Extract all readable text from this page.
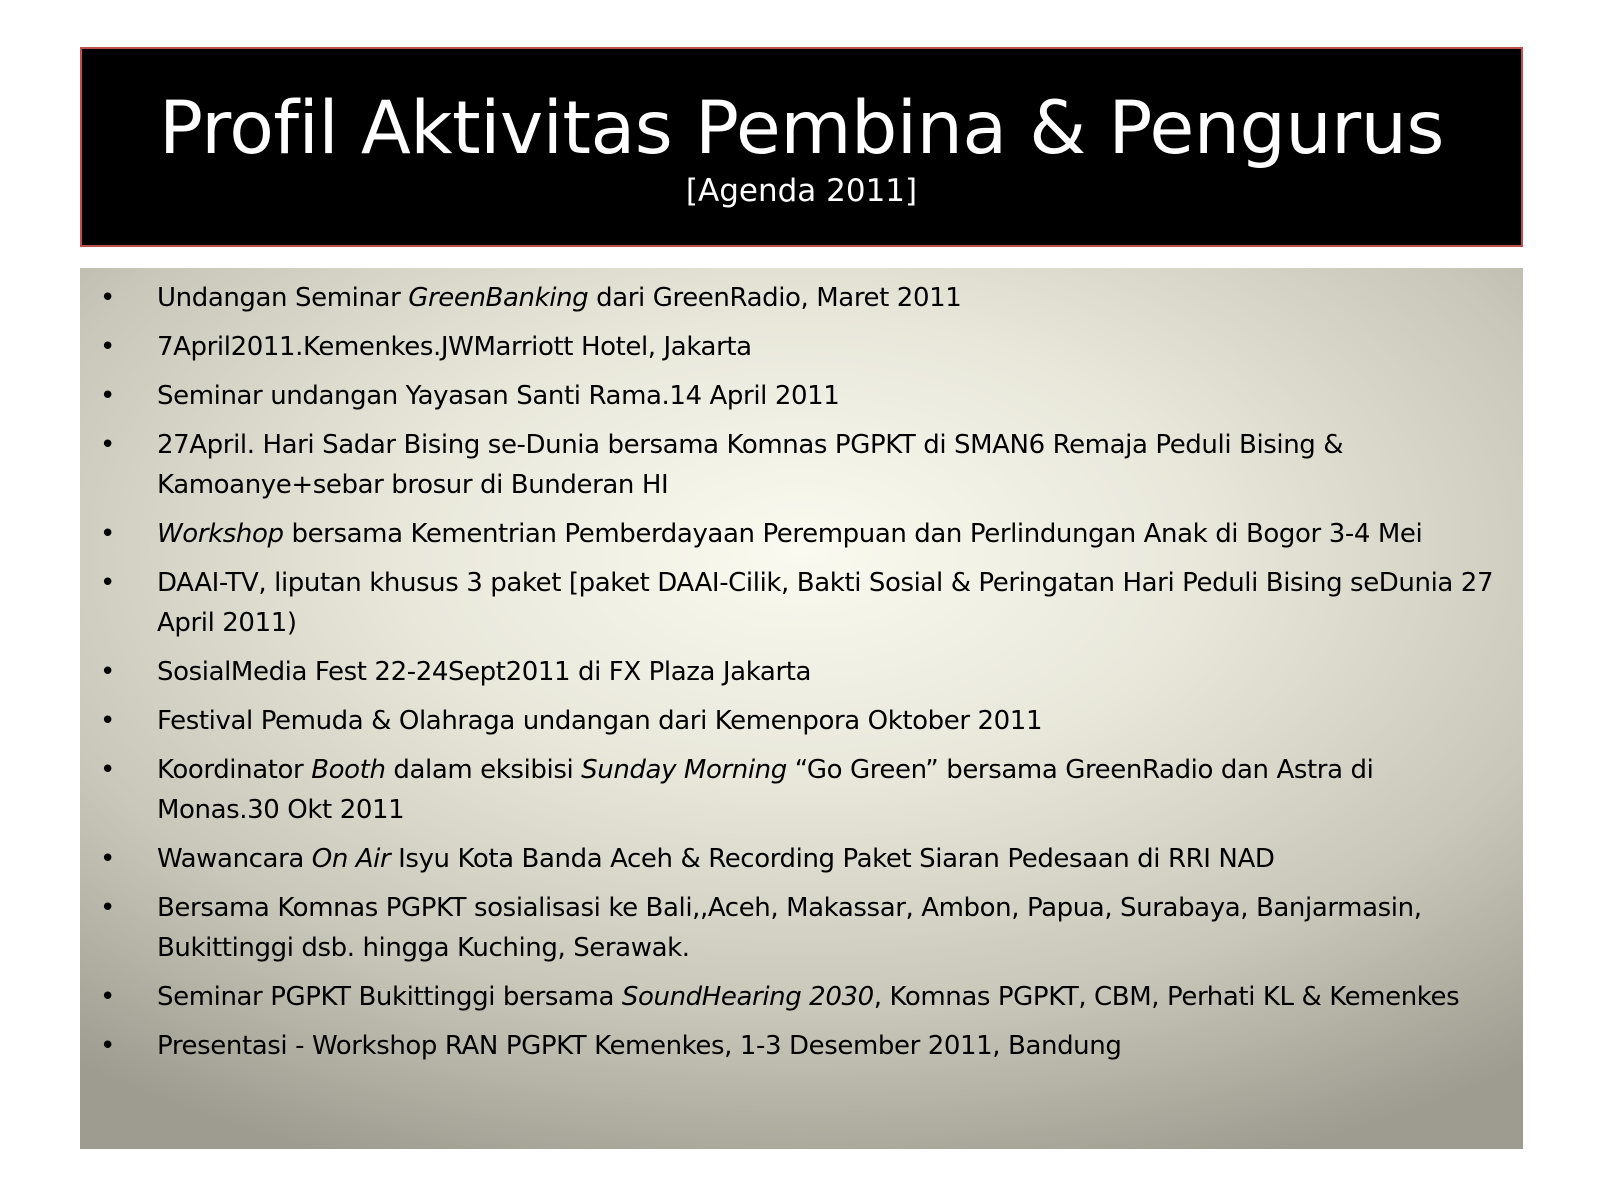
Profil Aktivitas Pembina & Pengurus

[Agenda 2011]

• Undangan Seminar GreenBanking dari GreenRadio, Maret 2011
• 7April2011.Kemenkes.JWMarriott Hotel, Jakarta
• Seminar undangan Yayasan Santi Rama.14 April 2011
• 27April. Hari Sadar Bising se-Dunia bersama Komnas PGPKT di SMAN6 Remaja Peduli Bising & Kamoanye+sebar brosur di Bunderan HI
• Workshop bersama Kementrian Pemberdayaan Perempuan dan Perlindungan Anak di Bogor 3-4 Mei
• DAAI-TV, liputan khusus 3 paket [paket DAAI-Cilik, Bakti Sosial & Peringatan Hari Peduli Bising seDunia 27 April 2011)
• SosialMedia Fest 22-24Sept2011 di FX Plaza Jakarta
• Festival Pemuda & Olahraga undangan dari Kemenpora Oktober 2011
• Koordinator Booth dalam eksibisi Sunday Morning “Go Green” bersama GreenRadio dan Astra di Monas.30 Okt 2011
• Wawancara On Air Isyu Kota Banda Aceh & Recording Paket Siaran Pedesaan di RRI NAD
• Bersama Komnas PGPKT sosialisasi ke Bali,,Aceh, Makassar, Ambon, Papua, Surabaya, Banjarmasin, Bukittinggi dsb. hingga Kuching, Serawak.
• Seminar PGPKT Bukittinggi bersama SoundHearing 2030, Komnas PGPKT, CBM, Perhati KL & Kemenkes
• Presentasi - Workshop RAN PGPKT Kemenkes, 1-3 Desember 2011, Bandung
